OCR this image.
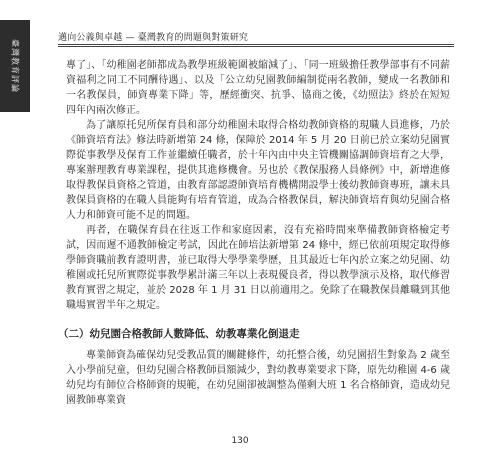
臺灣教育評論
邁向公義與卓越 — 臺灣教育的問題與對策研究

專了」、「幼稚園老師都成為教學班級範圍被縮減了」、「同一班級擔任教學部事有不同薪資福利之同工不同酬待遇」、以及「公立幼兒園教師編制從兩名教師，變成一名教師和一名教保員，師資專業下降」等，歷經衝突、抗爭、協商之後，《幼照法》終於在短短四年內兩次修正。

為了讓原托兒所保育員和部分幼稚園未取得合格幼教師資格的現職人員進修，乃於《師資培育法》修法時新增第 24 條，保障於 2014 年 5 月 20 日前已於立案幼兒園實際從事教學及保育工作並繼續任職者，於十年內由中央主管機關協調師資培育之大學，專案辦理教育專業課程，提供其進修機會。另也於《教保服務人員條例》中，新增進修取得教保員資格之管道，由教育部認證師資培育機構開設學士後幼教師資專班，讓未具教保員資格的在職人員能夠有培育管道，成為合格教保員，解決師資培育與幼兒園合格人力和師資可能不足的問題。

再者，在職保育員在往返工作和家庭因素，沒有充裕時間來準備教師資格檢定考試，因而遲不通教師檢定考試，因此在師培法新增第 24 條中，經已依前項規定取得修學師資職前教育證明書，並已取得大學學業學歷，且其最近七年內於立案之幼兒園、幼稚園或托兒所實際從事教學累計滿三年以上表現優良者，得以教學演示及格，取代修習教育實習之規定，並於 2028 年 1 月 31 日以前適用之。免除了在職教保員離職到其他職場實習半年之規定。

（二）幼兒園合格教師人數降低、幼教專業化倒退走

專業師資為確保幼兒受教品質的關鍵條件，幼托整合後，幼兒園招生對象為 2 歲至入小學前兒童，但幼兒園合格教師員額減少，對幼教專業要求下降，原先幼稚園 4-6 歲幼兒均有師位合格師資的規範，在幼兒園卻被調整為僅剩大班 1 名合格師資，造成幼兒園教師專業資

130
